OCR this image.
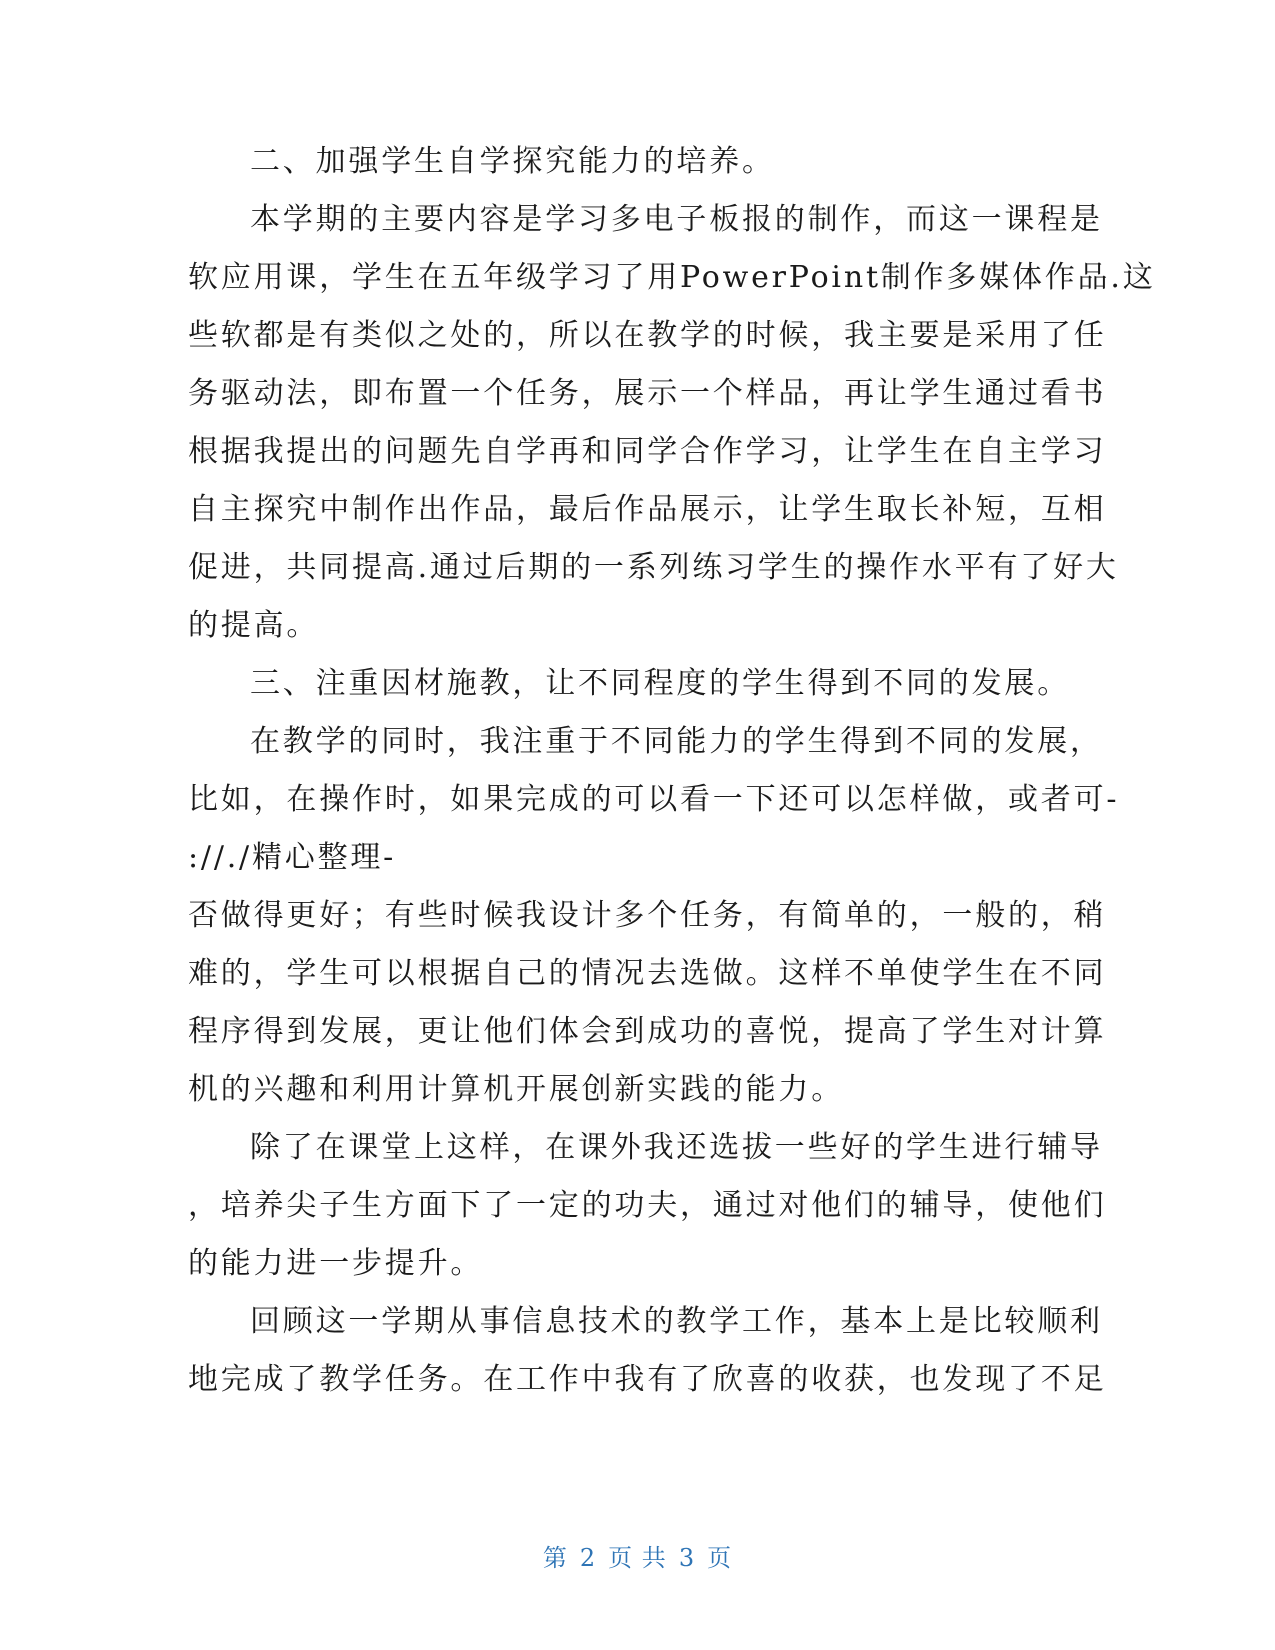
二、加强学生自学探究能力的培养。
本学期的主要内容是学习多电子板报的制作，而这一课程是
软应用课，学生在五年级学习了用PowerPoint制作多媒体作品.这
些软都是有类似之处的，所以在教学的时候，我主要是采用了任
务驱动法，即布置一个任务，展示一个样品，再让学生通过看书
根据我提出的问题先自学再和同学合作学习，让学生在自主学习
自主探究中制作出作品，最后作品展示，让学生取长补短，互相
促进，共同提高.通过后期的一系列练习学生的操作水平有了好大
的提高。
三、注重因材施教，让不同程度的学生得到不同的发展。
在教学的同时，我注重于不同能力的学生得到不同的发展，
比如，在操作时，如果完成的可以看一下还可以怎样做，或者可-
://./精心整理-
否做得更好；有些时候我设计多个任务，有简单的，一般的，稍
难的，学生可以根据自己的情况去选做。这样不单使学生在不同
程序得到发展，更让他们体会到成功的喜悦，提高了学生对计算
机的兴趣和利用计算机开展创新实践的能力。
除了在课堂上这样，在课外我还选拔一些好的学生进行辅导
，培养尖子生方面下了一定的功夫，通过对他们的辅导，使他们
的能力进一步提升。
回顾这一学期从事信息技术的教学工作，基本上是比较顺利
地完成了教学任务。在工作中我有了欣喜的收获，也发现了不足
第 2 页 共 3 页
